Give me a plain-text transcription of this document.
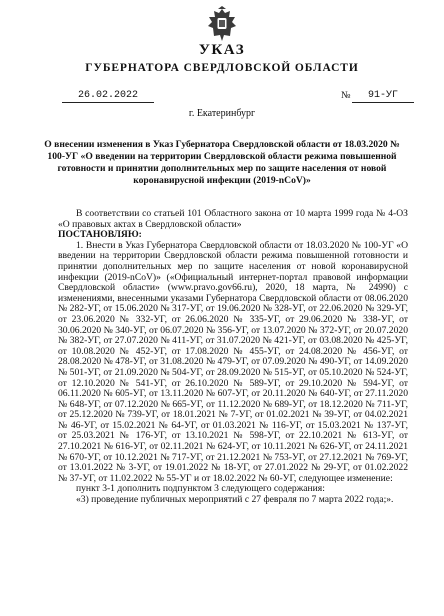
УКАЗ
ГУБЕРНАТОРА СВЕРДЛОВСКОЙ ОБЛАСТИ
26.02.2022	№	91-УГ
г. Екатеринбург
О внесении изменения в Указ Губернатора Свердловской области от 18.03.2020 № 100-УГ «О введении на территории Свердловской области режима повышенной готовности и принятии дополнительных мер по защите населения от новой коронавирусной инфекции (2019-nCoV)»

В соответствии со статьей 101 Областного закона от 10 марта 1999 года № 4-ОЗ «О правовых актах в Свердловской области»

ПОСТАНОВЛЯЮ:

1. Внести в Указ Губернатора Свердловской области от 18.03.2020 № 100-УГ «О введении на территории Свердловской области режима повышенной готовности и принятии дополнительных мер по защите населения от новой коронавирусной инфекции (2019-nCoV)» («Официальный интернет-портал правовой информации Свердловской области» (www.pravo.gov66.ru), 2020, 18 марта, № 24990) с изменениями, внесенными указами Губернатора Свердловской области от 08.06.2020 № 282-УГ, от 15.06.2020 № 317-УГ, от 19.06.2020 № 328-УГ, от 22.06.2020 № 329-УГ, от 23.06.2020 № 332-УГ, от 26.06.2020 № 335-УГ, от 29.06.2020 № 338-УГ, от 30.06.2020 № 340-УГ, от 06.07.2020 № 356-УГ, от 13.07.2020 № 372-УГ, от 20.07.2020 № 382-УГ, от 27.07.2020 № 411-УГ, от 31.07.2020 № 421-УГ, от 03.08.2020 № 425-УГ, от 10.08.2020 № 452-УГ, от 17.08.2020 № 455-УГ, от 24.08.2020 № 456-УГ, от 28.08.2020 № 478-УГ, от 31.08.2020 № 479-УГ, от 07.09.2020 № 490-УГ, от 14.09.2020 № 501-УГ, от 21.09.2020 № 504-УГ, от 28.09.2020 № 515-УГ, от 05.10.2020 № 524-УГ, от 12.10.2020 № 541-УГ, от 26.10.2020 № 589-УГ, от 29.10.2020 № 594-УГ, от 06.11.2020 № 605-УГ, от 13.11.2020 № 607-УГ, от 20.11.2020 № 640-УГ, от 27.11.2020 № 648-УГ, от 07.12.2020 № 665-УГ, от 11.12.2020 № 689-УГ, от 18.12.2020 № 711-УГ, от 25.12.2020 № 739-УГ, от 18.01.2021 № 7-УГ, от 01.02.2021 № 39-УГ, от 04.02.2021 № 46-УГ, от 15.02.2021 № 64-УГ, от 01.03.2021 № 116-УГ, от 15.03.2021 № 137-УГ, от 25.03.2021 № 176-УГ, от 13.10.2021 № 598-УГ, от 22.10.2021 № 613-УГ, от 27.10.2021 № 616-УГ, от 02.11.2021 № 624-УГ, от 10.11.2021 № 626-УГ, от 24.11.2021 № 670-УГ, от 10.12.2021 № 717-УГ, от 21.12.2021 № 753-УГ, от 27.12.2021 № 769-УГ, от 13.01.2022 № 3-УГ, от 19.01.2022 № 18-УГ, от 27.01.2022 № 29-УГ, от 01.02.2022 № 37-УГ, от 11.02.2022 № 55-УГ и от 18.02.2022 № 60-УГ, следующее изменение:

пункт 3-1 дополнить подпунктом 3 следующего содержания:

«3) проведение публичных мероприятий с 27 февраля по 7 марта 2022 года;».
